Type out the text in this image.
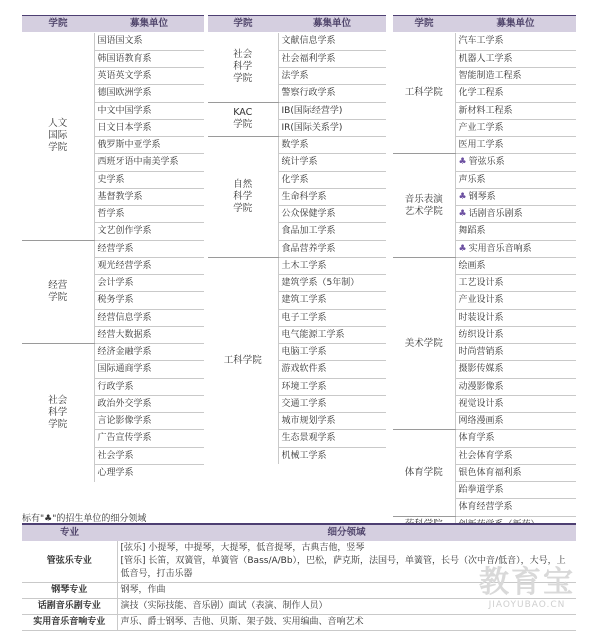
学院	募集单位	学院	募集单位	学院	募集单位
人文
国际
学院	国语国文系
	韩国语教育系
	英语英文学系
	德国欧洲学系
	中文中国学系
	日文日本学系
	俄罗斯中亚学系
	西班牙语中南美学系
	史学系
	基督教学系
	哲学系
	文艺创作学系
经营
学院	经营学系
	观光经营学系
	会计学系
	税务学系
	经营信息学系
	经营大数据系
社会
科学
学院	经济金融学系
	国际通商学系
	行政学系
	政治外交学系
	言论影像学系
	广告宣传学系
	社会学系
	心理学系
社会
科学
学院	文献信息学系
	社会福利学系
	法学系
	警察行政学系
KAC
学院	IB(国际经营学)
	IR(国际关系学)
自然
科学
学院	数学系
	统计学系
	化学系
	生命科学系
	公众保健学系
	食品加工学系
	食品营养学系
工科学院	土木工学系
	建筑学系（5年制）
	建筑工学系
	电子工学系
	电气能源工学系
	电脑工学系
	游戏软件系
	环境工学系
	交通工学系
	城市规划学系
	生态景观学系
	机械工学系
工科学院	汽车工学系
	机器人工学系
	智能制造工程系
	化学工程系
	新材料工程系
	产业工学系
	医用工学系
音乐表演
艺术学院	♣ 管弦乐系
	声乐系
	♣ 钢琴系
	♣ 话剧音乐剧系
	舞蹈系
	♣ 实用音乐音响系
美术学院	绘画系
	工艺设计系
	产业设计系
	时装设计系
	纺织设计系
	时尚营销系
	摄影传媒系
	动漫影像系
	视觉设计系
	网络漫画系
体育学院	体育学系
	社会体育学系
	银色体育福利系
	跆拳道学系
	体育经营学系

标有"♣"的招生单位的细分领域
专业	细分领域
管弦乐专业	[弦乐] 小提琴，中提琴，大提琴，低音提琴，古典吉他，竖琴
[管乐] 长笛，双簧管，单簧管（Bass/A/Bb），巴松，萨克斯，法国号，单簧管，长号（次中音/低音），大号，上低音号，打击乐器
钢琴专业	钢琴，作曲
话剧音乐剧专业	演技（实际技能、音乐剧）面试（表演、制作人员）
实用音乐音响专业	声乐、爵士钢琴、吉他、贝斯、架子鼓、实用编曲、音响艺术
教育宝
JIAOYUBAO.CN
